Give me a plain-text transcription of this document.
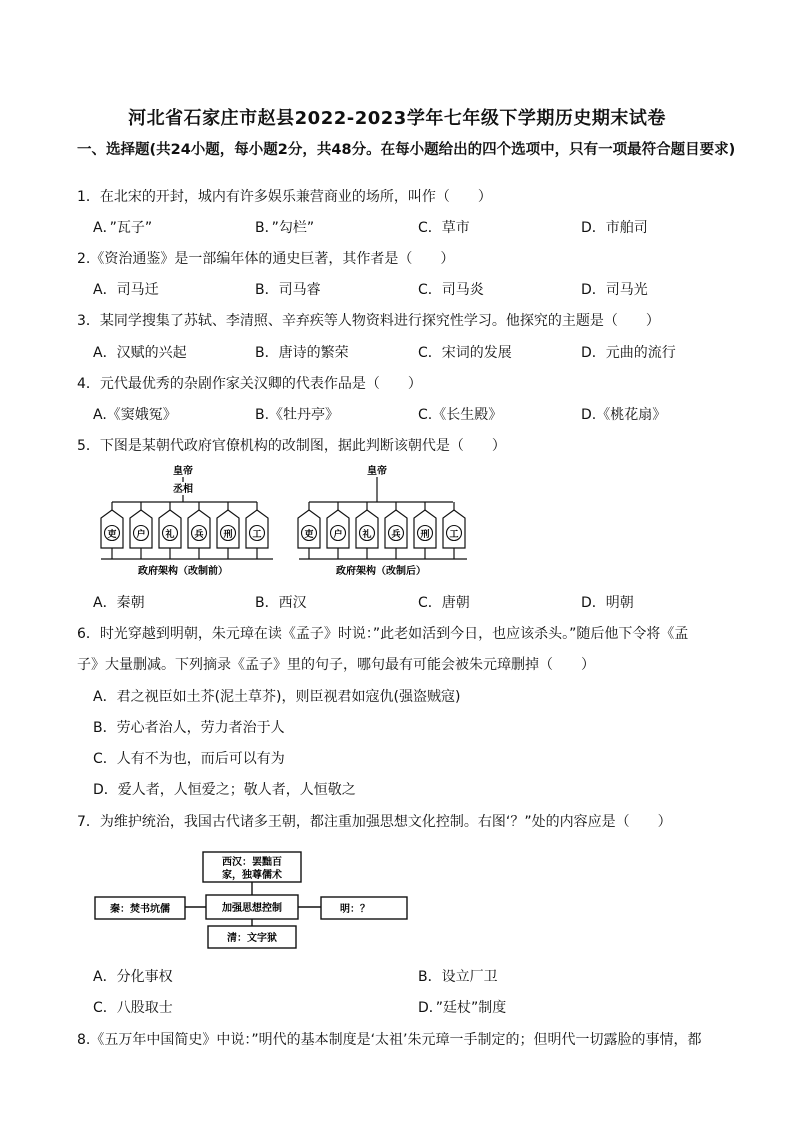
河北省石家庄市赵县2022-2023学年七年级下学期历史期末试卷
一、选择题(共24小题，每小题2分，共48分。在每小题给出的四个选项中，只有一项最符合题目要求)
1．在北宋的开封，城内有许多娱乐兼营商业的场所，叫作（　　）
A．”瓦子”	B．”勾栏”	C．草市	D．市舶司
2.《资治通鉴》是一部编年体的通史巨著，其作者是（　　）
A．司马迁	B．司马睿	C．司马炎	D．司马光
3．某同学搜集了苏轼、李清照、辛弃疾等人物资料进行探究性学习。他探究的主题是（　　）
A．汉赋的兴起	B．唐诗的繁荣	C．宋词的发展	D．元曲的流行
4．元代最优秀的杂剧作家关汉卿的代表作品是（　　）
A.《窦娥冤》	B.《牡丹亭》	C.《长生殿》	D.《桃花扇》
5．下图是某朝代政府官僚机构的改制图，据此判断该朝代是（　　）
皇帝
丞相
吏 户 礼 兵 刑 工
政府架构（改制前）
皇帝
吏 户 礼 兵 刑 工
政府架构（改制后）
A．秦朝	B．西汉	C．唐朝	D．明朝
6．时光穿越到明朝，朱元璋在读《孟子》时说：”此老如活到今日，也应该杀头。”随后他下令将《孟
子》大量删减。下列摘录《孟子》里的句子，哪句最有可能会被朱元璋删掉（　　）
A．君之视臣如土芥(泥土草芥)，则臣视君如寇仇(强盗贼寇)
B．劳心者治人，劳力者治于人
C．人有不为也，而后可以有为
D．爱人者，人恒爱之；敬人者，人恒敬之
7．为维护统治，我国古代诸多王朝，都注重加强思想文化控制。右图‘？”处的内容应是（　　）
西汉：罢黜百
家，独尊儒术
加强思想控制
秦：焚书坑儒	明：？
清：文字狱
A．分化事权	B．设立厂卫
C．八股取士	D．”廷杖”制度
8.《五万年中国简史》中说：”明代的基本制度是‘太祖’朱元璋一手制定的；但明代一切露脸的事情，都
